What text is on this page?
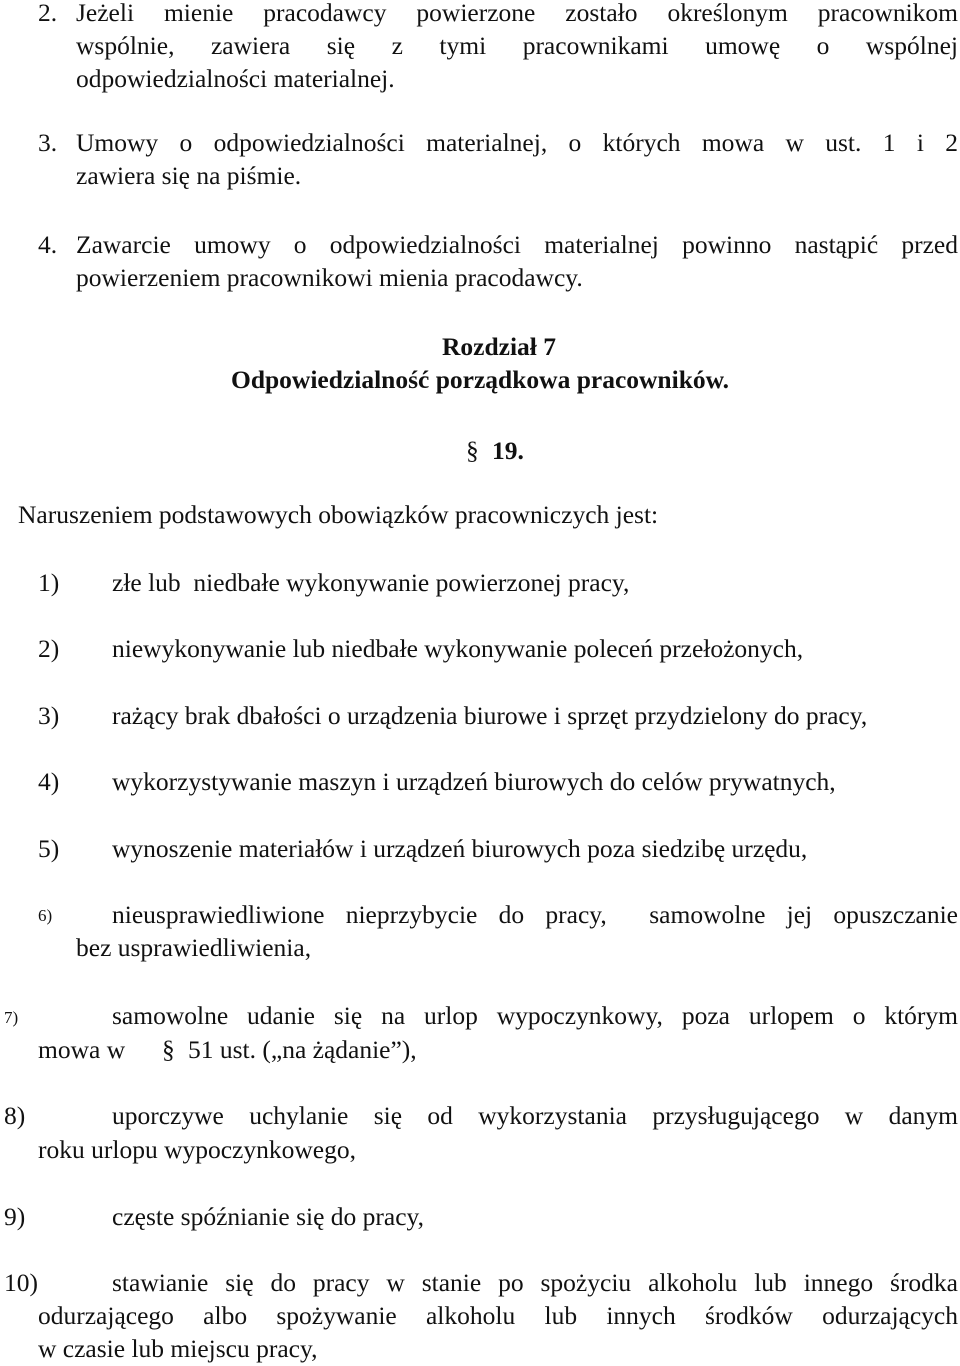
2. Jeżeli mienie pracodawcy powierzone zostało określonym pracownikom
wspólnie, zawiera się z tymi pracownikami umowę o wspólnej
odpowiedzialności materialnej.
3. Umowy o odpowiedzialności materialnej, o których mowa w ust. 1 i 2
zawiera się na piśmie.
4. Zawarcie umowy o odpowiedzialności materialnej powinno nastąpić przed
powierzeniem pracownikowi mienia pracodawcy.
Rozdział 7
Odpowiedzialność porządkowa pracowników.
§ 19.
Naruszeniem podstawowych obowiązków pracowniczych jest:
1) złe lub  niedbałe wykonywanie powierzonej pracy,
2) niewykonywanie lub niedbałe wykonywanie poleceń przełożonych,
3) rażący brak dbałości o urządzenia biurowe i sprzęt przydzielony do pracy,
4) wykorzystywanie maszyn i urządzeń biurowych do celów prywatnych,
5) wynoszenie materiałów i urządzeń biurowych poza siedzibę urzędu,
6) nieusprawiedliwione nieprzybycie do pracy,  samowolne jej opuszczanie
bez usprawiedliwienia,
7)	samowolne udanie się na urlop wypoczynkowy, poza urlopem o którym
mowa w § 51 ust. („na żądanie”),
8)	uporczywe uchylanie się od wykorzystania przysługującego w danym
roku urlopu wypoczynkowego,
9)	częste spóźnianie się do pracy,
10)	stawianie się do pracy w stanie po spożyciu alkoholu lub innego środka
odurzającego albo spożywanie alkoholu lub innych środków odurzających
w czasie lub miejscu pracy,
